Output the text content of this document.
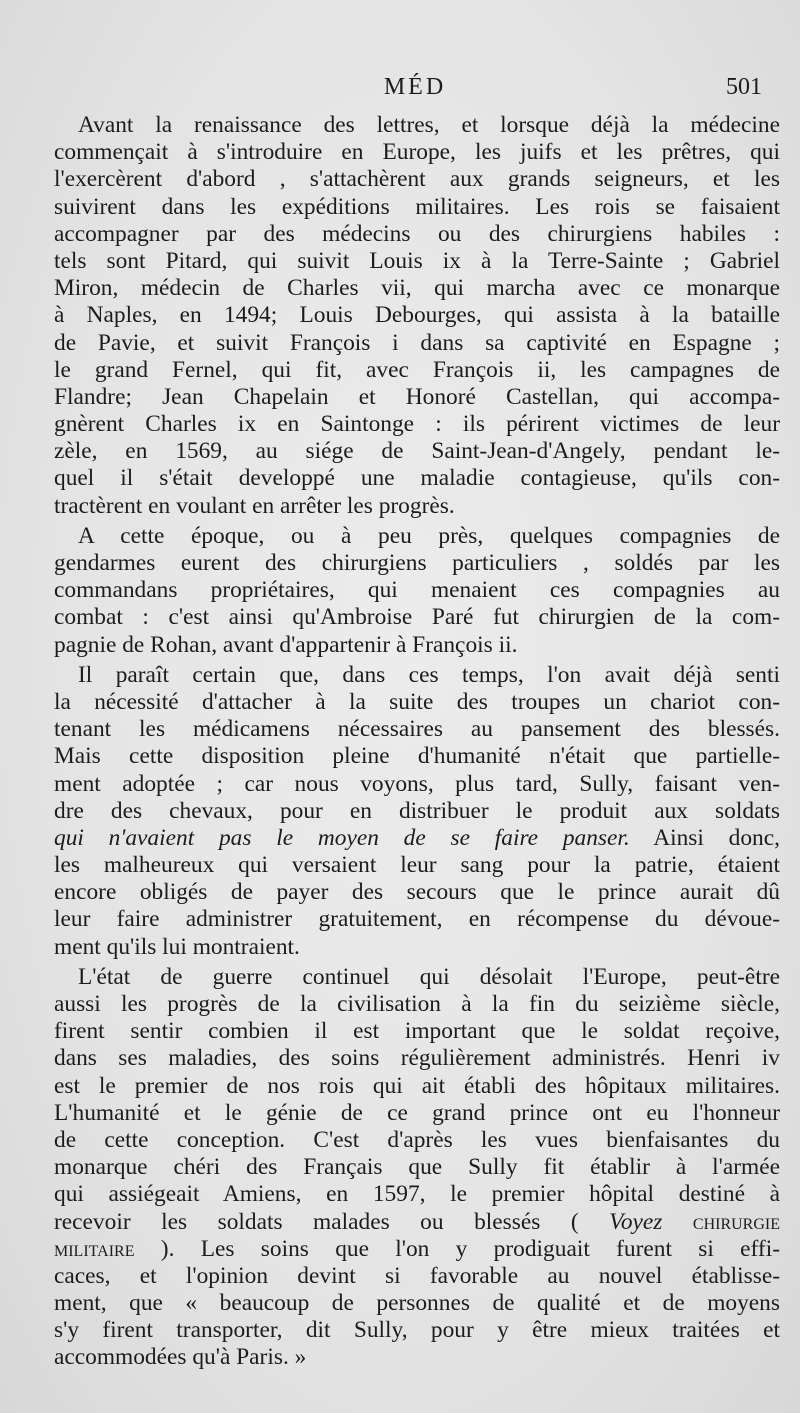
MÉD	501
Avant la renaissance des lettres, et lorsque déjà la médecine
commençait à s'introduire en Europe, les juifs et les prêtres, qui
l'exercèrent d'abord , s'attachèrent aux grands seigneurs, et les
suivirent dans les expéditions militaires. Les rois se faisaient
accompagner par des médecins ou des chirurgiens habiles :
tels sont Pitard, qui suivit Louis ix à la Terre-Sainte ; Gabriel
Miron, médecin de Charles vii, qui marcha avec ce monarque
à Naples, en 1494; Louis Debourges, qui assista à la bataille
de Pavie, et suivit François i dans sa captivité en Espagne ;
le grand Fernel, qui fit, avec François ii, les campagnes de
Flandre; Jean Chapelain et Honoré Castellan, qui accompa-
gnèrent Charles ix en Saintonge : ils périrent victimes de leur
zèle, en 1569, au siége de Saint-Jean-d'Angely, pendant le-
quel il s'était developpé une maladie contagieuse, qu'ils con-
tractèrent en voulant en arrêter les progrès.
A cette époque, ou à peu près, quelques compagnies de
gendarmes eurent des chirurgiens particuliers , soldés par les
commandans propriétaires, qui menaient ces compagnies au
combat : c'est ainsi qu'Ambroise Paré fut chirurgien de la com-
pagnie de Rohan, avant d'appartenir à François ii.
Il paraît certain que, dans ces temps, l'on avait déjà senti
la nécessité d'attacher à la suite des troupes un chariot con-
tenant les médicamens nécessaires au pansement des blessés.
Mais cette disposition pleine d'humanité n'était que partielle-
ment adoptée ; car nous voyons, plus tard, Sully, faisant ven-
dre des chevaux, pour en distribuer le produit aux soldats
qui n'avaient pas le moyen de se faire panser. Ainsi donc,
les malheureux qui versaient leur sang pour la patrie, étaient
encore obligés de payer des secours que le prince aurait dû
leur faire administrer gratuitement, en récompense du dévoue-
ment qu'ils lui montraient.
L'état de guerre continuel qui désolait l'Europe, peut-être
aussi les progrès de la civilisation à la fin du seizième siècle,
firent sentir combien il est important que le soldat reçoive,
dans ses maladies, des soins régulièrement administrés. Henri iv
est le premier de nos rois qui ait établi des hôpitaux militaires.
L'humanité et le génie de ce grand prince ont eu l'honneur
de cette conception. C'est d'après les vues bienfaisantes du
monarque chéri des Français que Sully fit établir à l'armée
qui assiégeait Amiens, en 1597, le premier hôpital destiné à
recevoir les soldats malades ou blessés ( Voyez chirurgie
militaire ). Les soins que l'on y prodiguait furent si effi-
caces, et l'opinion devint si favorable au nouvel établisse-
ment, que « beaucoup de personnes de qualité et de moyens
s'y firent transporter, dit Sully, pour y être mieux traitées et
accommodées qu'à Paris. »
